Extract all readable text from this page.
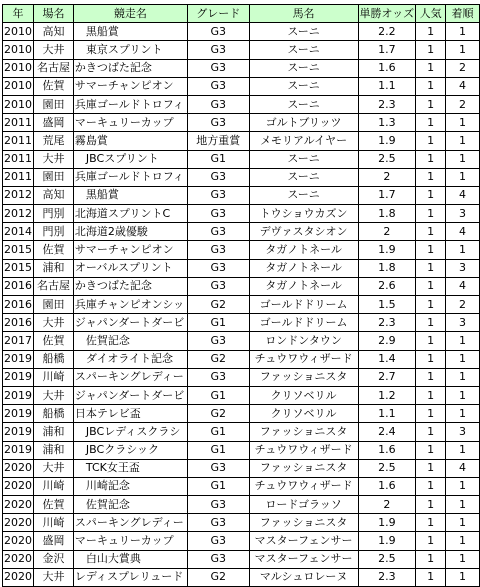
年	場名	競走名	グレード	馬名	単勝オッズ	人気	着順
2010	高知	　黒船賞	G3	スーニ	2.2	1	1
2010	大井	　東京スプリント	G3	スーニ	1.7	1	1
2010	名古屋	かきつばた記念	G3	スーニ	1.6	1	2
2010	佐賀	サマーチャンピオン	G3	スーニ	1.1	1	4
2010	園田	兵庫ゴールドトロフィ	G3	スーニ	2.3	1	2
2011	盛岡	マーキュリーカップ	G3	ゴルトブリッツ	1.3	1	1
2011	荒尾	霧島賞	地方重賞	メモリアルイヤー	1.9	1	1
2011	大井	　JBCスプリント	G1	スーニ	2.5	1	1
2011	園田	兵庫ゴールドトロフィ	G3	スーニ	2	1	1
2012	高知	　黒船賞	G3	スーニ	1.7	1	4
2012	門別	北海道スプリントC	G3	トウショウカズン	1.8	1	3
2014	門別	北海道2歳優駿	G3	デヴァスタシオン	2	1	4
2015	佐賀	サマーチャンピオン	G3	タガノトネール	1.9	1	1
2015	浦和	オーバルスプリント	G3	タガノトネール	1.8	1	3
2016	名古屋	かきつばた記念	G3	タガノトネール	2.6	1	4
2016	園田	兵庫チャンピオンシッ	G2	ゴールドドリーム	1.5	1	2
2016	大井	ジャパンダートダービ	G1	ゴールドドリーム	2.3	1	3
2017	佐賀	　佐賀記念	G3	ロンドンタウン	2.9	1	1
2019	船橋	　ダイオライト記念	G2	チュウワウィザード	1.4	1	1
2019	川崎	スパーキングレディー	G3	ファッショニスタ	2.7	1	1
2019	大井	ジャパンダートダービ	G1	クリソベリル	1.2	1	1
2019	船橋	日本テレビ盃	G2	クリソベリル	1.1	1	1
2019	浦和	　JBCレディスクラシ	G1	ファッショニスタ	2.4	1	3
2019	浦和	　JBCクラシック	G1	チュウワウィザード	1.6	1	1
2020	大井	　TCK女王盃	G3	ファッショニスタ	2.5	1	4
2020	川崎	　川崎記念	G1	チュウワウィザード	1.6	1	1
2020	佐賀	　佐賀記念	G3	ロードゴラッソ	2	1	1
2020	川崎	スパーキングレディー	G3	ファッショニスタ	1.9	1	1
2020	盛岡	マーキュリーカップ	G3	マスターフェンサー	1.9	1	1
2020	金沢	　白山大賞典	G3	マスターフェンサー	2.5	1	1
2020	大井	レディスプレリュード	G2	マルシュロレーヌ	2.3	1	1
